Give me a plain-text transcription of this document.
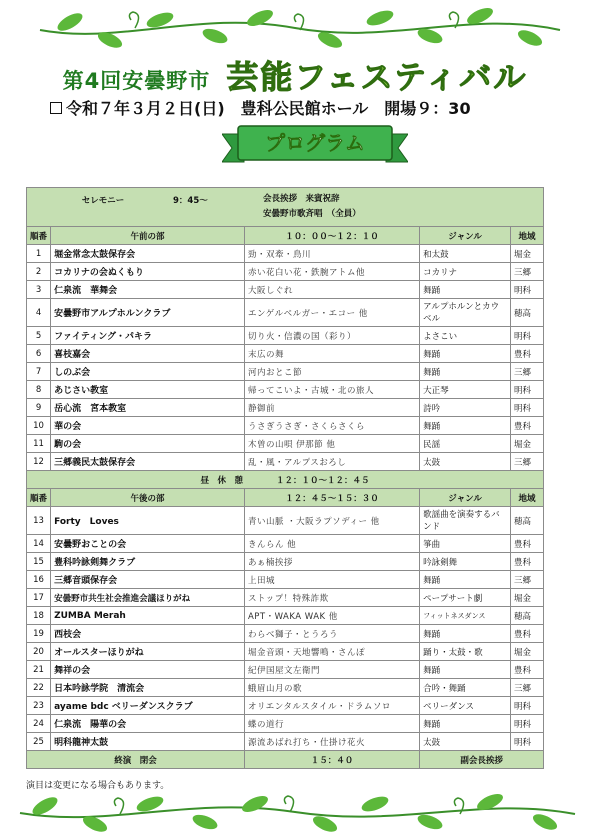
第4回安曇野市 芸能フェスティバル
令和７年３月２日(日)　豊科公民館ホール　開場９：30
プログラム
セレモニー 9：45～ 会長挨拶　来賓祝辞
安曇野市歌斉唱　（全員）				

順番	午前の部	１０：００～１２：１０	ジャンル	地域
1	堀金常念太鼓保存会	勁・双牽・鳥川	和太鼓	堀金
2	コカリナの会ぬくもり	赤い花白い花・鉄腕アトム他	コカリナ	三郷
3	仁泉流　華舞会	大阪しぐれ	舞踊	明科
4	安曇野市アルプホルンクラブ	エンゲルベルガー・エコー 他	アルプホルンとカウベル	穂高
5	ファイティング・パキラ	切り火・信濃の国（彩り）	よさこい	明科
6	喜枝嘉会	末広の舞	舞踊	豊科
7	しのぶ会	河内おとこ節	舞踊	三郷
8	あじさい教室	帰ってこいよ・古城・北の旅人	大正琴	明科
9	岳心流　宮本教室	静御前	詩吟	明科
10	華の会	うさぎうさぎ・さくらさくら	舞踊	豊科
11	駒の会	木曽の山唄 伊那節 他	民謡	堀金
12	三郷義民太鼓保存会	乱・風・アルプスおろし	太鼓	三郷
昼　休　憩 １２：１０～１２：４５				
順番	午後の部	１２：４５～１５：３０	ジャンル	地域
13	Forty　Loves	青い山脈 ・大阪ラプソディー 他	歌謡曲を演奏するバンド	穂高
14	安曇野おことの会	きんらん 他	箏曲	豊科
15	豊科吟詠剣舞クラブ	あぁ楠挨拶	吟詠剣舞	豊科
16	三郷音頭保存会	上田城	舞踊	三郷
17	安曇野市共生社会推進会議ほりがね	ストップ！特殊詐欺	ペープサート劇	堀金
18	ZUMBA Merah	APT・WAKA WAK 他	フィットネスダンス	穂高
19	西枝会	わらべ獅子・とうろう	舞踊	豊科
20	オールスターほりがね	堀金音頭・天地響鳴・さんぽ	踊り・太鼓・歌	堀金
21	舞祥の会	紀伊国屋文左衛門	舞踊	豊科
22	日本吟詠学院　清流会	蛾眉山月の歌	合吟・舞踊	三郷
23	ayame bdc ベリーダンスクラブ	オリエンタルスタイル・ドラムソロ	ベリーダンス	明科
24	仁泉流　陽華の会	蝶の道行	舞踊	明科
25	明科龍神太鼓	源流あばれ打ち・仕掛け花火	太鼓	明科
終演　閉会		１５：４０	副会長挨拶	
演目は変更になる場合もあります。
